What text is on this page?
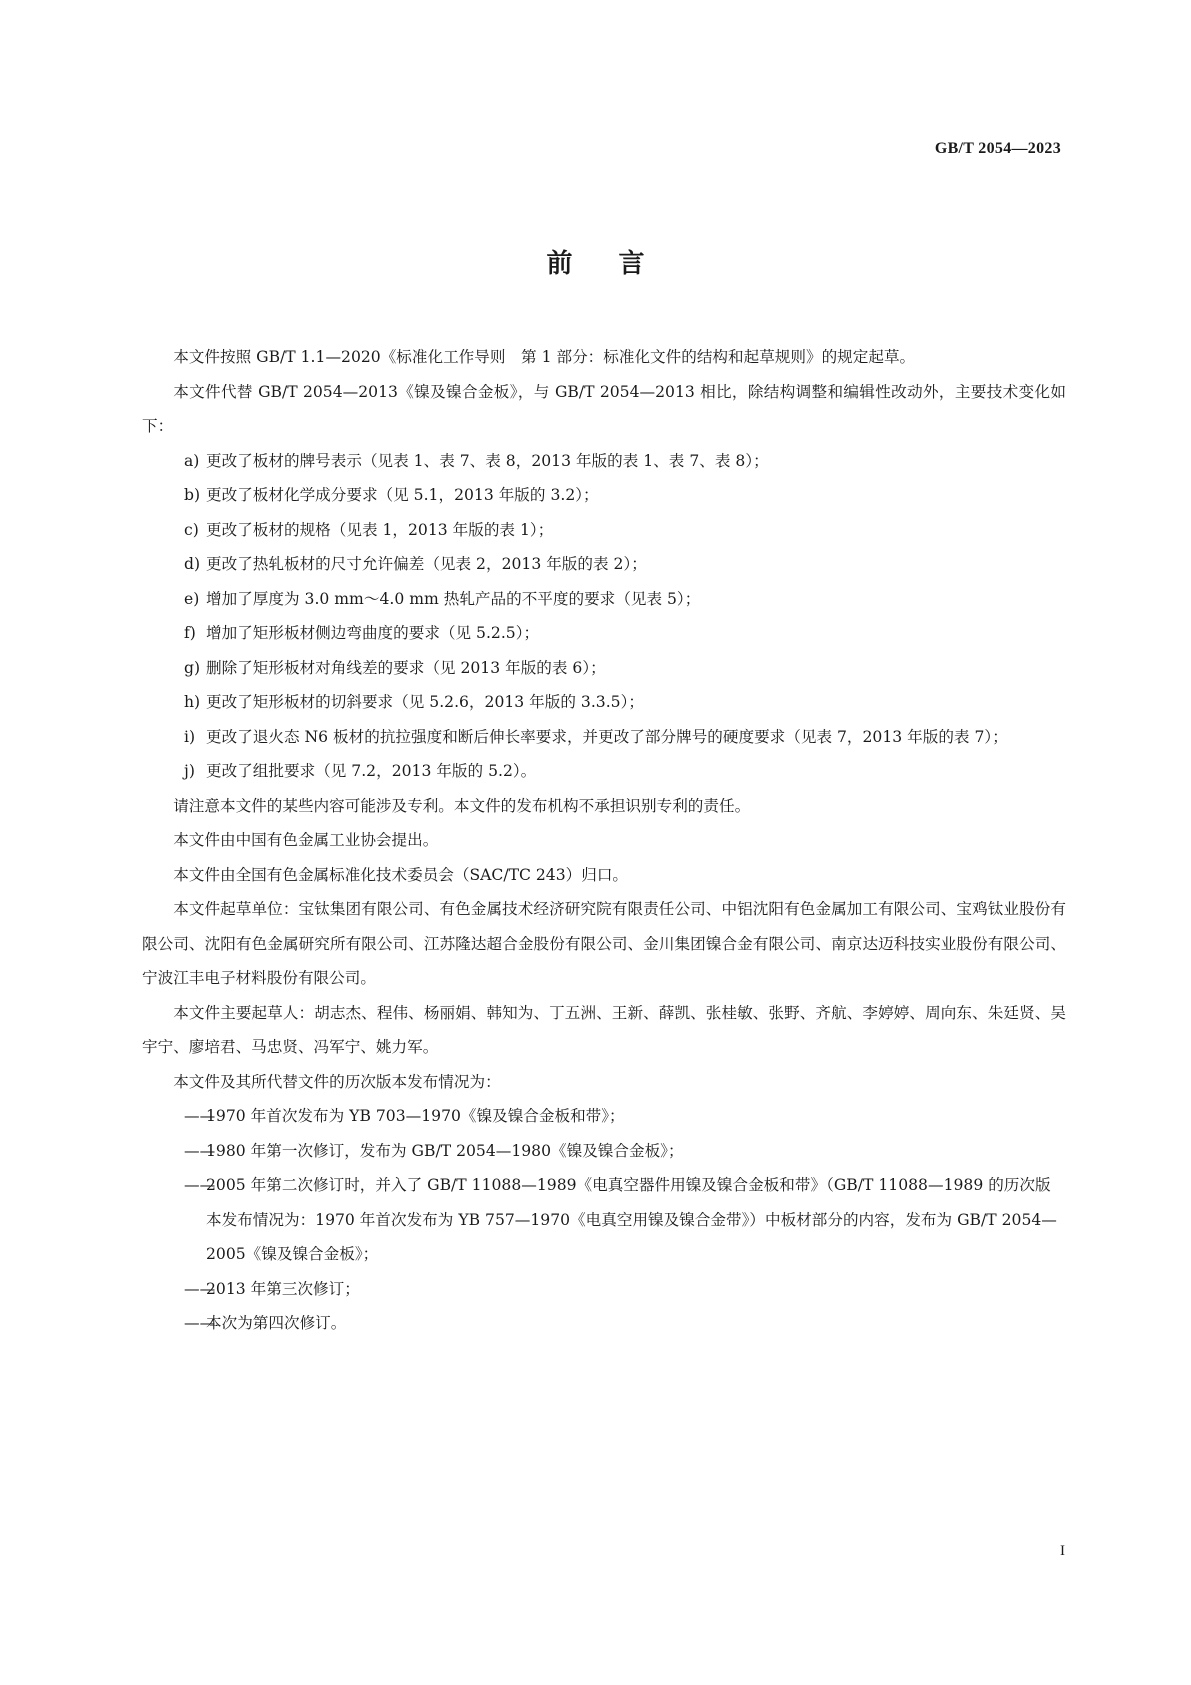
GB/T 2054—2023
前言

本文件按照 GB/T 1.1—2020《标准化工作导则　第 1 部分：标准化文件的结构和起草规则》的规定起草。

本文件代替 GB/T 2054—2013《镍及镍合金板》，与 GB/T 2054—2013 相比，除结构调整和编辑性改动外，主要技术变化如下：

a) 更改了板材的牌号表示（见表 1、表 7、表 8，2013 年版的表 1、表 7、表 8）；

b) 更改了板材化学成分要求（见 5.1，2013 年版的 3.2）；

c) 更改了板材的规格（见表 1，2013 年版的表 1）；

d) 更改了热轧板材的尺寸允许偏差（见表 2，2013 年版的表 2）；

e) 增加了厚度为 3.0 mm～4.0 mm 热轧产品的不平度的要求（见表 5）；

f) 增加了矩形板材侧边弯曲度的要求（见 5.2.5）；

g) 删除了矩形板材对角线差的要求（见 2013 年版的表 6）；

h) 更改了矩形板材的切斜要求（见 5.2.6，2013 年版的 3.3.5）；

i) 更改了退火态 N6 板材的抗拉强度和断后伸长率要求，并更改了部分牌号的硬度要求（见表 7，2013 年版的表 7）；

j) 更改了组批要求（见 7.2，2013 年版的 5.2）。

请注意本文件的某些内容可能涉及专利。本文件的发布机构不承担识别专利的责任。

本文件由中国有色金属工业协会提出。

本文件由全国有色金属标准化技术委员会（SAC/TC 243）归口。

本文件起草单位：宝钛集团有限公司、有色金属技术经济研究院有限责任公司、中铝沈阳有色金属加工有限公司、宝鸡钛业股份有限公司、沈阳有色金属研究所有限公司、江苏隆达超合金股份有限公司、金川集团镍合金有限公司、南京达迈科技实业股份有限公司、宁波江丰电子材料股份有限公司。

本文件主要起草人：胡志杰、程伟、杨丽娟、韩知为、丁五洲、王新、薛凯、张桂敏、张野、齐航、李婷婷、周向东、朱廷贤、吴宇宁、廖培君、马忠贤、冯军宁、姚力军。

本文件及其所代替文件的历次版本发布情况为：

——
1970 年首次发布为 YB 703—1970《镍及镍合金板和带》；

——
1980 年第一次修订，发布为 GB/T 2054—1980《镍及镍合金板》；

——
2005 年第二次修订时，并入了 GB/T 11088—1989《电真空器件用镍及镍合金板和带》（GB/T 11088—1989 的历次版本发布情况为：1970 年首次发布为 YB 757—1970《电真空用镍及镍合金带》）中板材部分的内容，发布为 GB/T 2054—2005《镍及镍合金板》；

——
2013 年第三次修订；

——
本次为第四次修订。

I
